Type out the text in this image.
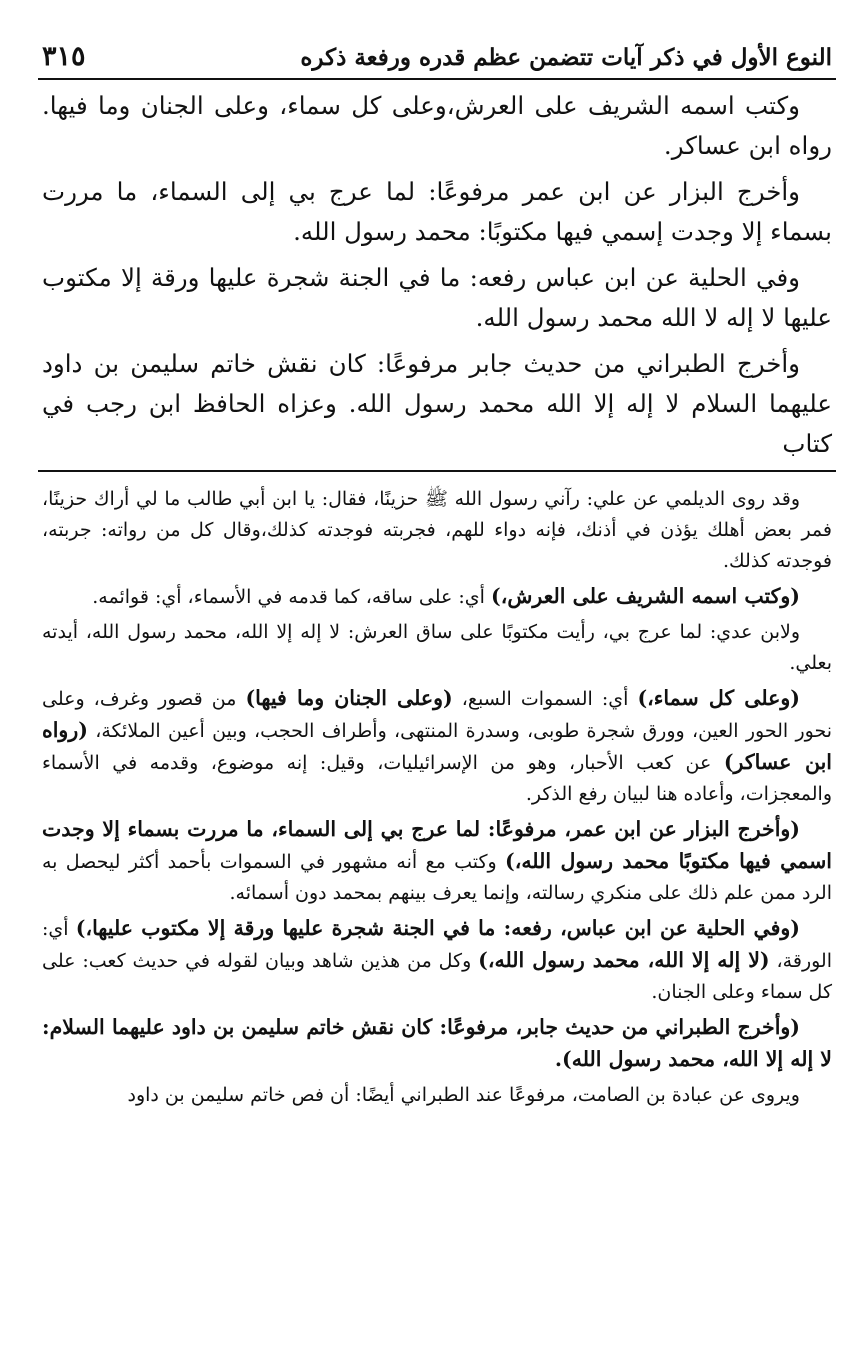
النوع الأول في ذكر آيات تتضمن عظم قدره ورفعة ذكره
٣١٥

وكتب اسمه الشريف على العرش،وعلى كل سماء، وعلى الجنان وما فيها. رواه ابن عساكر.

وأخرج البزار عن ابن عمر مرفوعًا: لما عرج بي إلى السماء، ما مررت بسماء إلا وجدت إسمي فيها مكتوبًا: محمد رسول الله.

وفي الحلية عن ابن عباس رفعه: ما في الجنة شجرة عليها ورقة إلا مكتوب عليها لا إله لا الله محمد رسول الله.

وأخرج الطبراني من حديث جابر مرفوعًا: كان نقش خاتم سليمن بن داود عليهما السلام لا إله إلا الله محمد رسول الله. وعزاه الحافظ ابن رجب في كتاب

وقد روى الديلمي عن علي: رآني رسول الله ﷺ حزينًا، فقال: يا ابن أبي طالب ما لي أراك حزينًا، فمر بعض أهلك يؤذن في أذنك، فإنه دواء للهم، فجربته فوجدته كذلك،وقال كل من رواته: جربته، فوجدته كذلك.

(وكتب اسمه الشريف على العرش،) أي: على ساقه، كما قدمه في الأسماء، أي: قوائمه.

ولابن عدي: لما عرج بي، رأيت مكتوبًا على ساق العرش: لا إله إلا الله، محمد رسول الله، أيدته بعلي.

(وعلى كل سماء،) أي: السموات السبع، (وعلى الجنان وما فيها) من قصور وغرف، وعلى نحور الحور العين، وورق شجرة طوبى، وسدرة المنتهى، وأطراف الحجب، وبين أعين الملائكة، (رواه ابن عساكر) عن كعب الأحبار، وهو من الإسرائيليات، وقيل: إنه موضوع، وقدمه في الأسماء والمعجزات، وأعاده هنا لبيان رفع الذكر.

(وأخرج البزار عن ابن عمر، مرفوعًا: لما عرج بي إلى السماء، ما مررت بسماء إلا وجدت اسمي فيها مكتوبًا محمد رسول الله،) وكتب مع أنه مشهور في السموات بأحمد أكثر ليحصل به الرد ممن علم ذلك على منكري رسالته، وإنما يعرف بينهم بمحمد دون أسمائه.

(وفي الحلية عن ابن عباس، رفعه: ما في الجنة شجرة عليها ورقة إلا مكتوب عليها،) أي: الورقة، (لا إله إلا الله، محمد رسول الله،) وكل من هذين شاهد وبيان لقوله في حديث كعب: على كل سماء وعلى الجنان.

(وأخرج الطبراني من حديث جابر، مرفوعًا: كان نقش خاتم سليمن بن داود عليهما السلام: لا إله إلا الله، محمد رسول الله).

ويروى عن عبادة بن الصامت، مرفوعًا عند الطبراني أيضًا: أن فص خاتم سليمن بن داود
